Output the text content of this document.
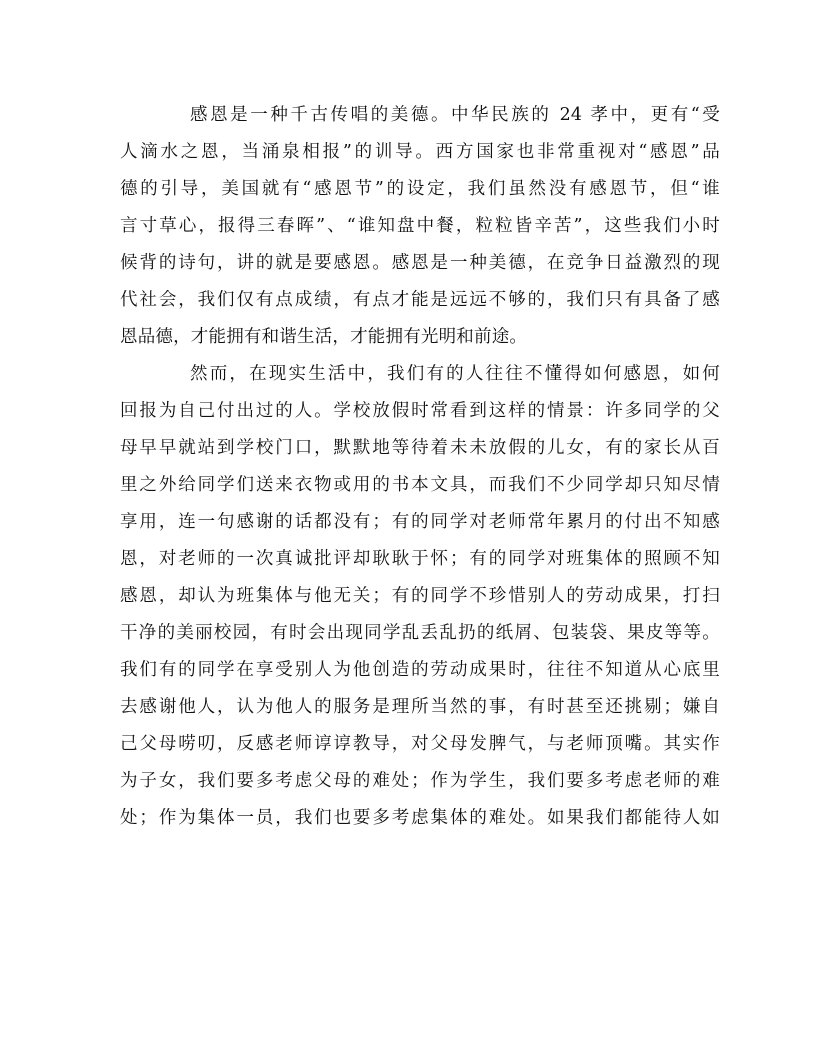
感恩是一种千古传唱的美德。中华民族的 24 孝中，更有“受
人滴水之恩，当涌泉相报”的训导。西方国家也非常重视对“感恩”品
德的引导，美国就有“感恩节”的设定，我们虽然没有感恩节，但“谁
言寸草心，报得三春晖”、“谁知盘中餐，粒粒皆辛苦”，这些我们小时
候背的诗句，讲的就是要感恩。感恩是一种美德，在竞争日益激烈的现
代社会，我们仅有点成绩，有点才能是远远不够的，我们只有具备了感
恩品德，才能拥有和谐生活，才能拥有光明和前途。
然而，在现实生活中，我们有的人往往不懂得如何感恩，如何
回报为自己付出过的人。学校放假时常看到这样的情景：许多同学的父
母早早就站到学校门口，默默地等待着未未放假的儿女，有的家长从百
里之外给同学们送来衣物或用的书本文具，而我们不少同学却只知尽情
享用，连一句感谢的话都没有；有的同学对老师常年累月的付出不知感
恩，对老师的一次真诚批评却耿耿于怀；有的同学对班集体的照顾不知
感恩，却认为班集体与他无关；有的同学不珍惜别人的劳动成果，打扫
干净的美丽校园，有时会出现同学乱丢乱扔的纸屑、包装袋、果皮等等。
我们有的同学在享受别人为他创造的劳动成果时，往往不知道从心底里
去感谢他人，认为他人的服务是理所当然的事，有时甚至还挑剔；嫌自
己父母唠叨，反感老师谆谆教导，对父母发脾气，与老师顶嘴。其实作
为子女，我们要多考虑父母的难处；作为学生，我们要多考虑老师的难
处；作为集体一员，我们也要多考虑集体的难处。如果我们都能待人如
